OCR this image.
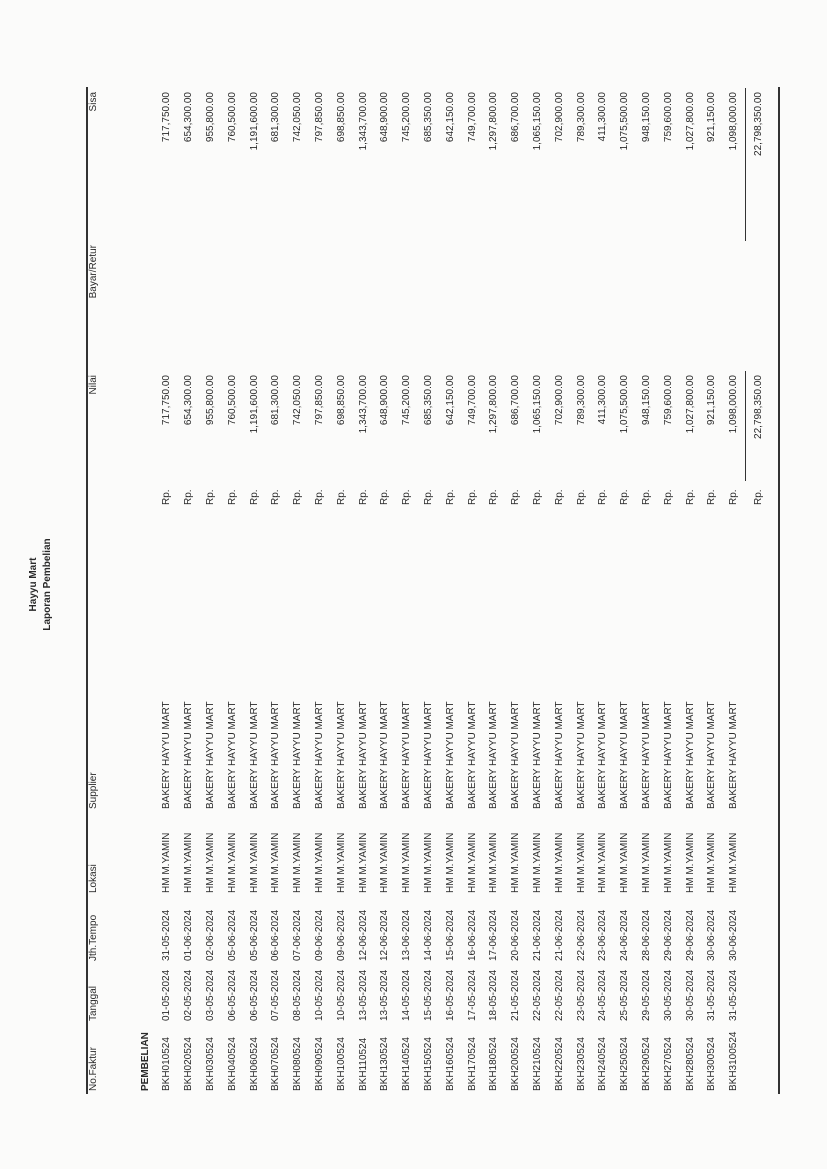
Hayyu Mart Laporan Pembelian
No.Faktur	Tanggal	Jth.Tempo	Lokasi	Supplier		Nilai	Bayar/Retur	Sisa
PEMBELIAN								
BKH010524	01-05-2024	31-05-2024	HM M.YAMIN	BAKERY HAYYU MART	Rp.	717,750.00		717,750.00
BKH020524	02-05-2024	01-06-2024	HM M.YAMIN	BAKERY HAYYU MART	Rp.	654,300.00		654,300.00
BKH030524	03-05-2024	02-06-2024	HM M.YAMIN	BAKERY HAYYU MART	Rp.	955,800.00		955,800.00
BKH040524	06-05-2024	05-06-2024	HM M.YAMIN	BAKERY HAYYU MART	Rp.	760,500.00		760,500.00
BKH060524	06-05-2024	05-06-2024	HM M.YAMIN	BAKERY HAYYU MART	Rp.	1,191,600.00		1,191,600.00
BKH070524	07-05-2024	06-06-2024	HM M.YAMIN	BAKERY HAYYU MART	Rp.	681,300.00		681,300.00
BKH080524	08-05-2024	07-06-2024	HM M.YAMIN	BAKERY HAYYU MART	Rp.	742,050.00		742,050.00
BKH090524	10-05-2024	09-06-2024	HM M.YAMIN	BAKERY HAYYU MART	Rp.	797,850.00		797,850.00
BKH100524	10-05-2024	09-06-2024	HM M.YAMIN	BAKERY HAYYU MART	Rp.	698,850.00		698,850.00
BKH110524	13-05-2024	12-06-2024	HM M.YAMIN	BAKERY HAYYU MART	Rp.	1,343,700.00		1,343,700.00
BKH130524	13-05-2024	12-06-2024	HM M.YAMIN	BAKERY HAYYU MART	Rp.	648,900.00		648,900.00
BKH140524	14-05-2024	13-06-2024	HM M.YAMIN	BAKERY HAYYU MART	Rp.	745,200.00		745,200.00
BKH150524	15-05-2024	14-06-2024	HM M.YAMIN	BAKERY HAYYU MART	Rp.	685,350.00		685,350.00
BKH160524	16-05-2024	15-06-2024	HM M.YAMIN	BAKERY HAYYU MART	Rp.	642,150.00		642,150.00
BKH170524	17-05-2024	16-06-2024	HM M.YAMIN	BAKERY HAYYU MART	Rp.	749,700.00		749,700.00
BKH180524	18-05-2024	17-06-2024	HM M.YAMIN	BAKERY HAYYU MART	Rp.	1,297,800.00		1,297,800.00
BKH200524	21-05-2024	20-06-2024	HM M.YAMIN	BAKERY HAYYU MART	Rp.	686,700.00		686,700.00
BKH210524	22-05-2024	21-06-2024	HM M.YAMIN	BAKERY HAYYU MART	Rp.	1,065,150.00		1,065,150.00
BKH220524	22-05-2024	21-06-2024	HM M.YAMIN	BAKERY HAYYU MART	Rp.	702,900.00		702,900.00
BKH230524	23-05-2024	22-06-2024	HM M.YAMIN	BAKERY HAYYU MART	Rp.	789,300.00		789,300.00
BKH240524	24-05-2024	23-06-2024	HM M.YAMIN	BAKERY HAYYU MART	Rp.	411,300.00		411,300.00
BKH250524	25-05-2024	24-06-2024	HM M.YAMIN	BAKERY HAYYU MART	Rp.	1,075,500.00		1,075,500.00
BKH290524	29-05-2024	28-06-2024	HM M.YAMIN	BAKERY HAYYU MART	Rp.	948,150.00		948,150.00
BKH270524	30-05-2024	29-06-2024	HM M.YAMIN	BAKERY HAYYU MART	Rp.	759,600.00		759,600.00
BKH280524	30-05-2024	29-06-2024	HM M.YAMIN	BAKERY HAYYU MART	Rp.	1,027,800.00		1,027,800.00
BKH300524	31-05-2024	30-06-2024	HM M.YAMIN	BAKERY HAYYU MART	Rp.	921,150.00		921,150.00
BKH3100524	31-05-2024	30-06-2024	HM M.YAMIN	BAKERY HAYYU MART	Rp.	1,098,000.00		1,098,000.00
					Rp.	22,798,350.00		22,798,350.00
